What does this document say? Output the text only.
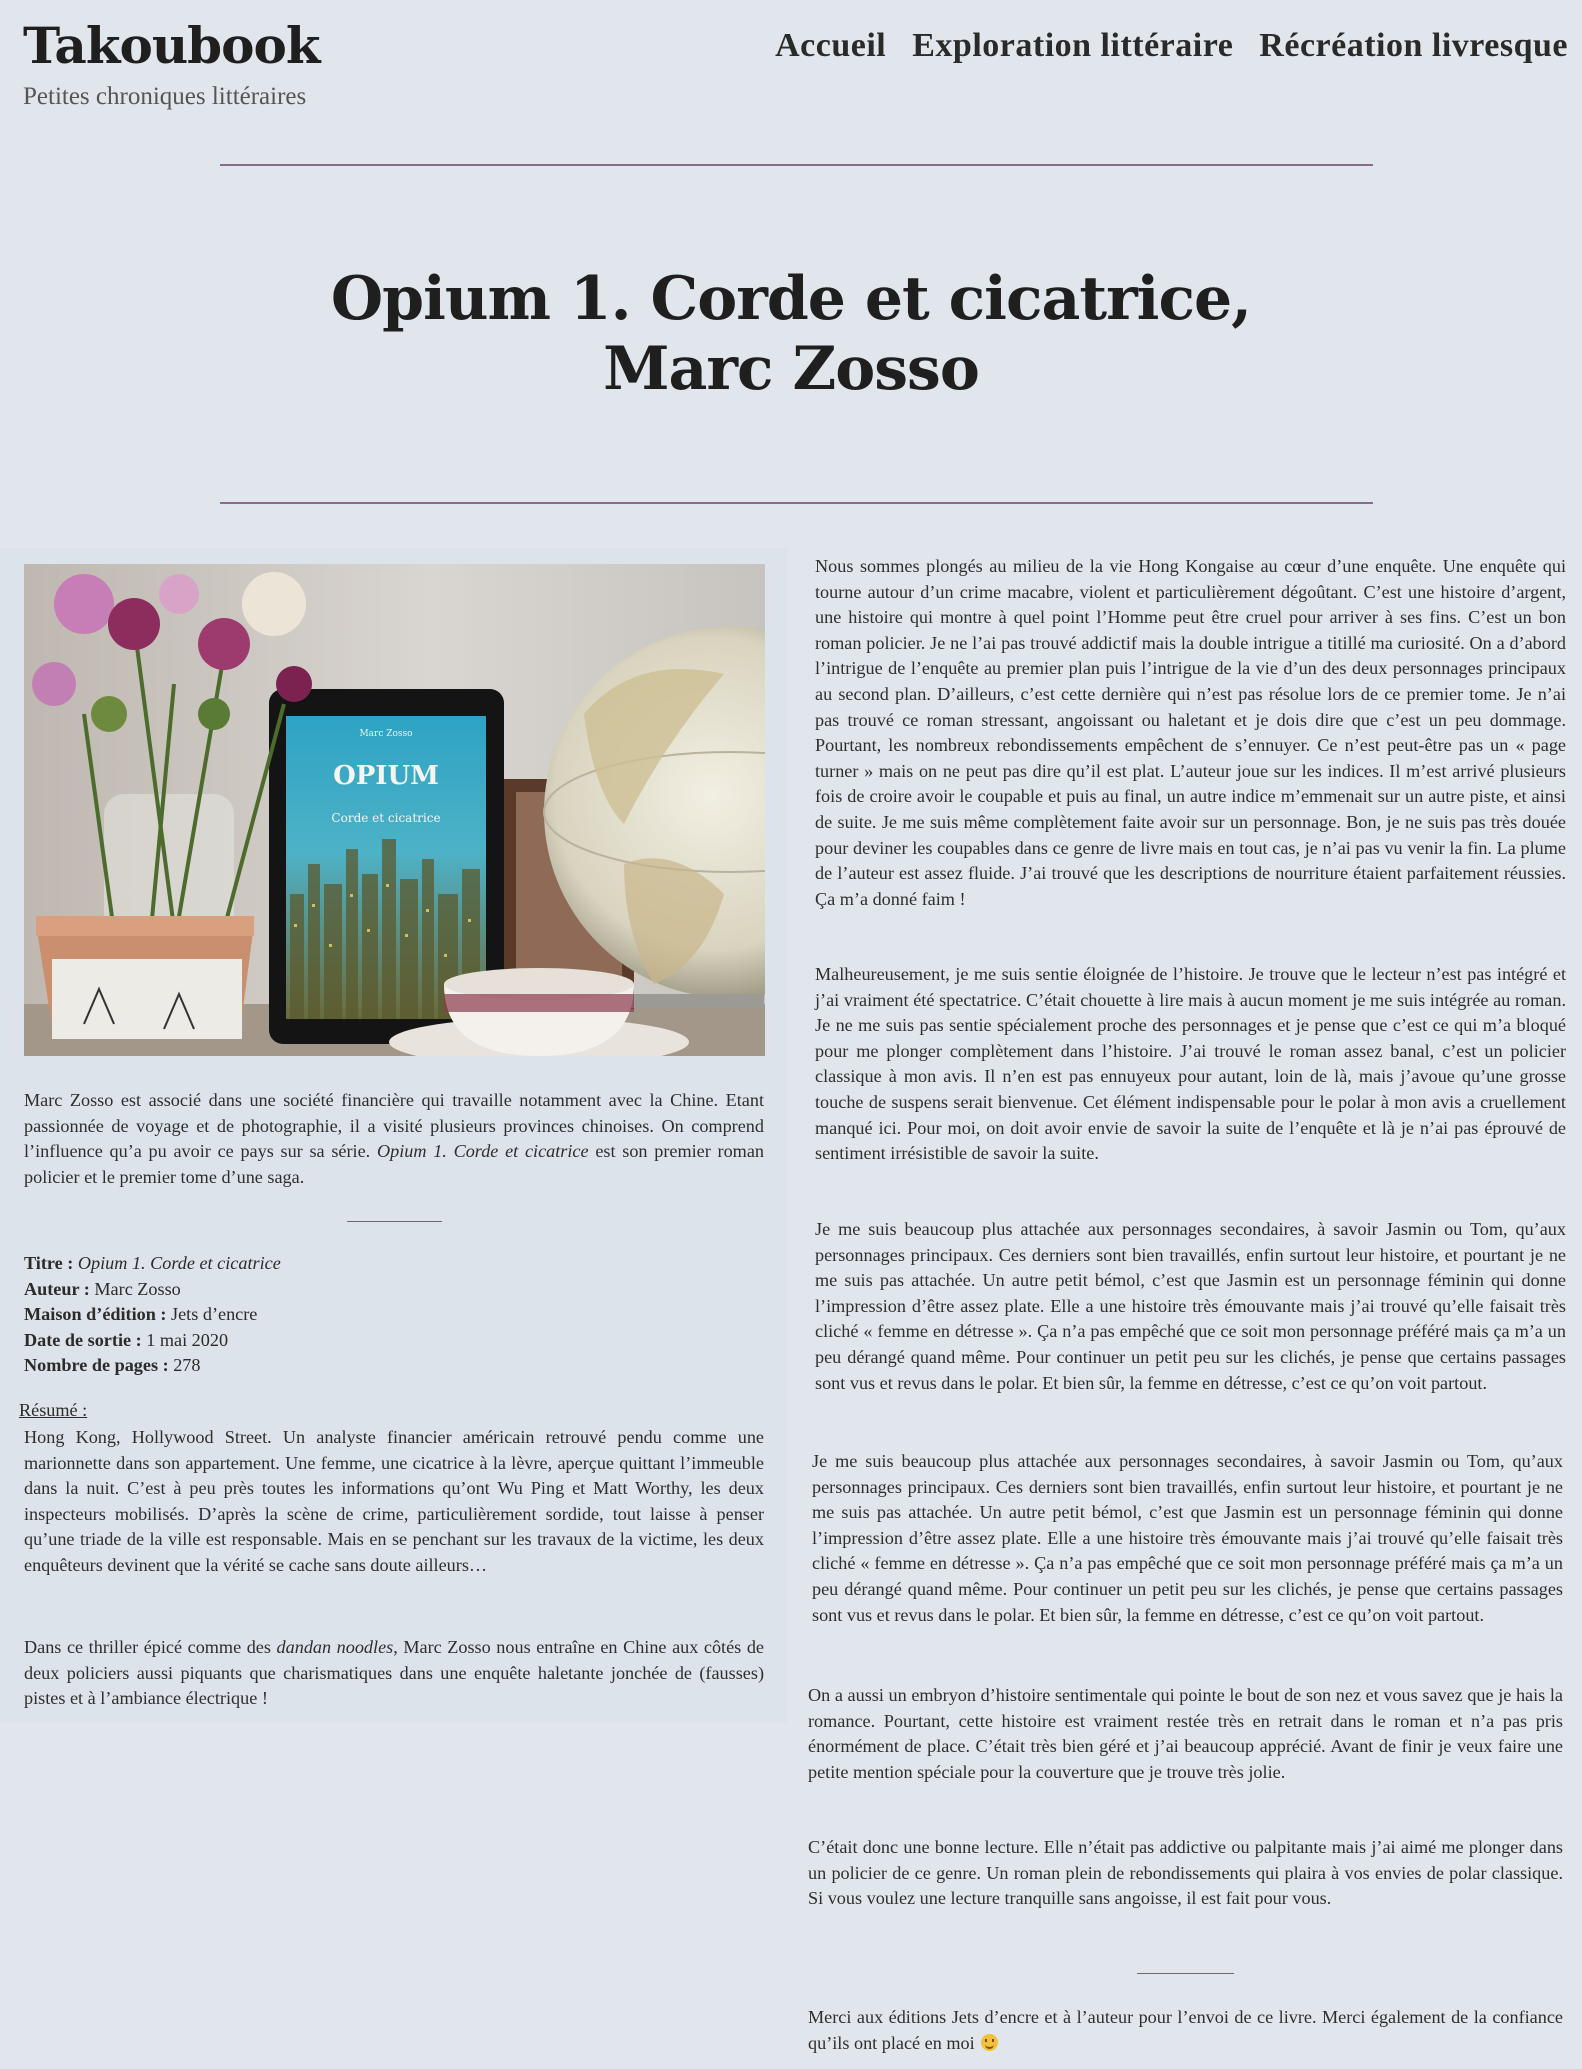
Takoubook
Petites chroniques littéraires
Accueil Exploration littéraire Récréation livresque
Opium 1. Corde et cicatrice,
Marc Zosso
Marc Zosso
OPIUM
Corde et cicatrice

Marc Zosso est associé dans une société financière qui travaille notamment avec la Chine. Etant passionnée de voyage et de photographie, il a visité plusieurs provinces chinoises. On comprend l’influence qu’a pu avoir ce pays sur sa série. Opium 1. Corde et cicatrice est son premier roman policier et le premier tome d’une saga.

Titre : Opium 1. Corde et cicatrice
Auteur : Marc Zosso
Maison d’édition : Jets d’encre
Date de sortie : 1 mai 2020
Nombre de pages : 278
Résumé :

Hong Kong, Hollywood Street. Un analyste financier américain retrouvé pendu comme une marionnette dans son appartement. Une femme, une cicatrice à la lèvre, aperçue quittant l’immeuble dans la nuit. C’est à peu près toutes les informations qu’ont Wu Ping et Matt Worthy, les deux inspecteurs mobilisés. D’après la scène de crime, particulièrement sordide, tout laisse à penser qu’une triade de la ville est responsable. Mais en se penchant sur les travaux de la victime, les deux enquêteurs devinent que la vérité se cache sans doute ailleurs…

Dans ce thriller épicé comme des dandan noodles, Marc Zosso nous entraîne en Chine aux côtés de deux policiers aussi piquants que charismatiques dans une enquête haletante jonchée de (fausses) pistes et à l’ambiance électrique !

Nous sommes plongés au milieu de la vie Hong Kongaise au cœur d’une enquête. Une enquête qui tourne autour d’un crime macabre, violent et particulièrement dégoûtant. C’est une histoire d’argent, une histoire qui montre à quel point l’Homme peut être cruel pour arriver à ses fins. C’est un bon roman policier. Je ne l’ai pas trouvé addictif mais la double intrigue a titillé ma curiosité. On a d’abord l’intrigue de l’enquête au premier plan puis l’intrigue de la vie d’un des deux personnages principaux au second plan. D’ailleurs, c’est cette dernière qui n’est pas résolue lors de ce premier tome. Je n’ai pas trouvé ce roman stressant, angoissant ou haletant et je dois dire que c’est un peu dommage. Pourtant, les nombreux rebondissements empêchent de s’ennuyer. Ce n’est peut-être pas un « page turner » mais on ne peut pas dire qu’il est plat. L’auteur joue sur les indices. Il m’est arrivé plusieurs fois de croire avoir le coupable et puis au final, un autre indice m’emmenait sur un autre piste, et ainsi de suite. Je me suis même complètement faite avoir sur un personnage. Bon, je ne suis pas très douée pour deviner les coupables dans ce genre de livre mais en tout cas, je n’ai pas vu venir la fin. La plume de l’auteur est assez fluide. J’ai trouvé que les descriptions de nourriture étaient parfaitement réussies. Ça m’a donné faim !

Malheureusement, je me suis sentie éloignée de l’histoire. Je trouve que le lecteur n’est pas intégré et j’ai vraiment été spectatrice. C’était chouette à lire mais à aucun moment je me suis intégrée au roman. Je ne me suis pas sentie spécialement proche des personnages et je pense que c’est ce qui m’a bloqué pour me plonger complètement dans l’histoire. J’ai trouvé le roman assez banal, c’est un policier classique à mon avis. Il n’en est pas ennuyeux pour autant, loin de là, mais j’avoue qu’une grosse touche de suspens serait bienvenue. Cet élément indispensable pour le polar à mon avis a cruellement manqué ici. Pour moi, on doit avoir envie de savoir la suite de l’enquête et là je n’ai pas éprouvé de sentiment irrésistible de savoir la suite.

Je me suis beaucoup plus attachée aux personnages secondaires, à savoir Jasmin ou Tom, qu’aux personnages principaux. Ces derniers sont bien travaillés, enfin surtout leur histoire, et pourtant je ne me suis pas attachée. Un autre petit bémol, c’est que Jasmin est un personnage féminin qui donne l’impression d’être assez plate. Elle a une histoire très émouvante mais j’ai trouvé qu’elle faisait très cliché « femme en détresse ». Ça n’a pas empêché que ce soit mon personnage préféré mais ça m’a un peu dérangé quand même. Pour continuer un petit peu sur les clichés, je pense que certains passages sont vus et revus dans le polar. Et bien sûr, la femme en détresse, c’est ce qu’on voit partout.

Je me suis beaucoup plus attachée aux personnages secondaires, à savoir Jasmin ou Tom, qu’aux personnages principaux. Ces derniers sont bien travaillés, enfin surtout leur histoire, et pourtant je ne me suis pas attachée. Un autre petit bémol, c’est que Jasmin est un personnage féminin qui donne l’impression d’être assez plate. Elle a une histoire très émouvante mais j’ai trouvé qu’elle faisait très cliché « femme en détresse ». Ça n’a pas empêché que ce soit mon personnage préféré mais ça m’a un peu dérangé quand même. Pour continuer un petit peu sur les clichés, je pense que certains passages sont vus et revus dans le polar. Et bien sûr, la femme en détresse, c’est ce qu’on voit partout.

On a aussi un embryon d’histoire sentimentale qui pointe le bout de son nez et vous savez que je hais la romance. Pourtant, cette histoire est vraiment restée très en retrait dans le roman et n’a pas pris énormément de place. C’était très bien géré et j’ai beaucoup apprécié. Avant de finir je veux faire une petite mention spéciale pour la couverture que je trouve très jolie.

C’était donc une bonne lecture. Elle n’était pas addictive ou palpitante mais j’ai aimé me plonger dans un policier de ce genre. Un roman plein de rebondissements qui plaira à vos envies de polar classique. Si vous voulez une lecture tranquille sans angoisse, il est fait pour vous.

Merci aux éditions Jets d’encre et à l’auteur pour l’envoi de ce livre. Merci également de la confiance qu’ils ont placé en moi
